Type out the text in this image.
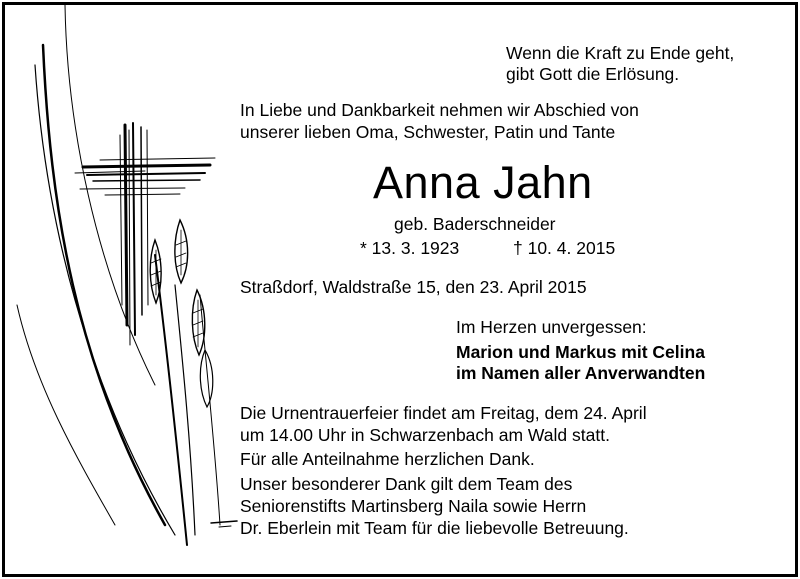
Wenn die Kraft zu Ende geht,
gibt Gott die Erlösung.
In Liebe und Dankbarkeit nehmen wir Abschied von
unserer lieben Oma, Schwester, Patin und Tante
Anna Jahn
geb. Baderschneider
* 13. 3. 1923	† 10. 4. 2015
Straßdorf, Waldstraße 15, den 23. April 2015
Im Herzen unvergessen:
Marion und Markus mit Celina
im Namen aller Anverwandten
Die Urnentrauerfeier findet am Freitag, dem 24. April
um 14.00 Uhr in Schwarzenbach am Wald statt.
Für alle Anteilnahme herzlichen Dank.
Unser besonderer Dank gilt dem Team des
Seniorenstifts Martinsberg Naila sowie Herrn
Dr. Eberlein mit Team für die liebevolle Betreuung.
